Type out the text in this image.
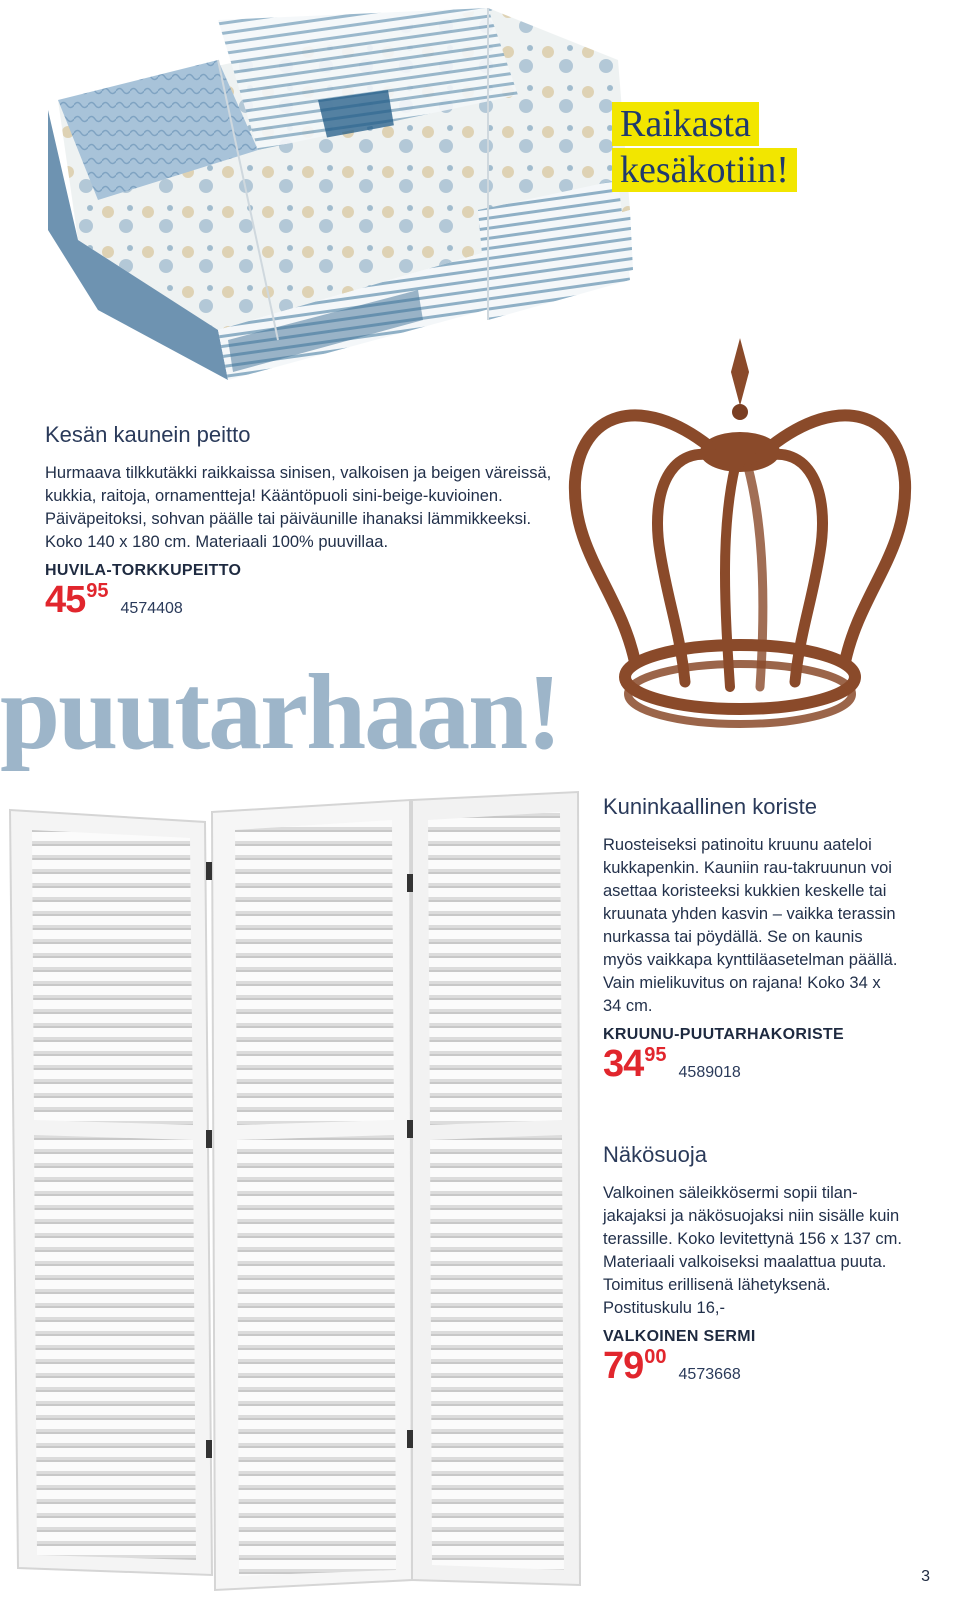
Raikasta
kesäkotiin!
Kesän kaunein peitto

Hurmaava tilkkutäkki raikkaissa sinisen, valkoisen ja beigen väreissä, kukkia, raitoja, ornamentteja! Kääntöpuoli sini-beige-kuvioinen. Päiväpeitoksi, sohvan päälle tai päiväunille ihanaksi lämmikkeeksi. Koko 140 x 180 cm. Materiaali 100% puuvillaa.

HUVILA-TORKKUPEITTO

45 95
4574408
puutarhaan!
Kuninkaallinen koriste

Ruosteiseksi patinoitu kruunu aateloi kukkapenkin. Kauniin rau-takruunun voi asettaa koristeeksi kukkien keskelle tai kruunata yhden kasvin – vaikka terassin nurkassa tai pöydällä. Se on kaunis myös vaikkapa kynttiläasetelman päällä. Vain mielikuvitus on rajana! Koko 34 x 34 cm.

KRUUNU-PUUTARHAKORISTE

34 95
4589018
Näkösuoja

Valkoinen säleikkösermi sopii tilan-jakajaksi ja näkösuojaksi niin sisälle kuin terassille. Koko levitettynä 156 x 137 cm. Materiaali valkoiseksi maalattua puuta. Toimitus erillisenä lähetyksenä. Postituskulu 16,-

VALKOINEN SERMI

79 00
4573668
3
